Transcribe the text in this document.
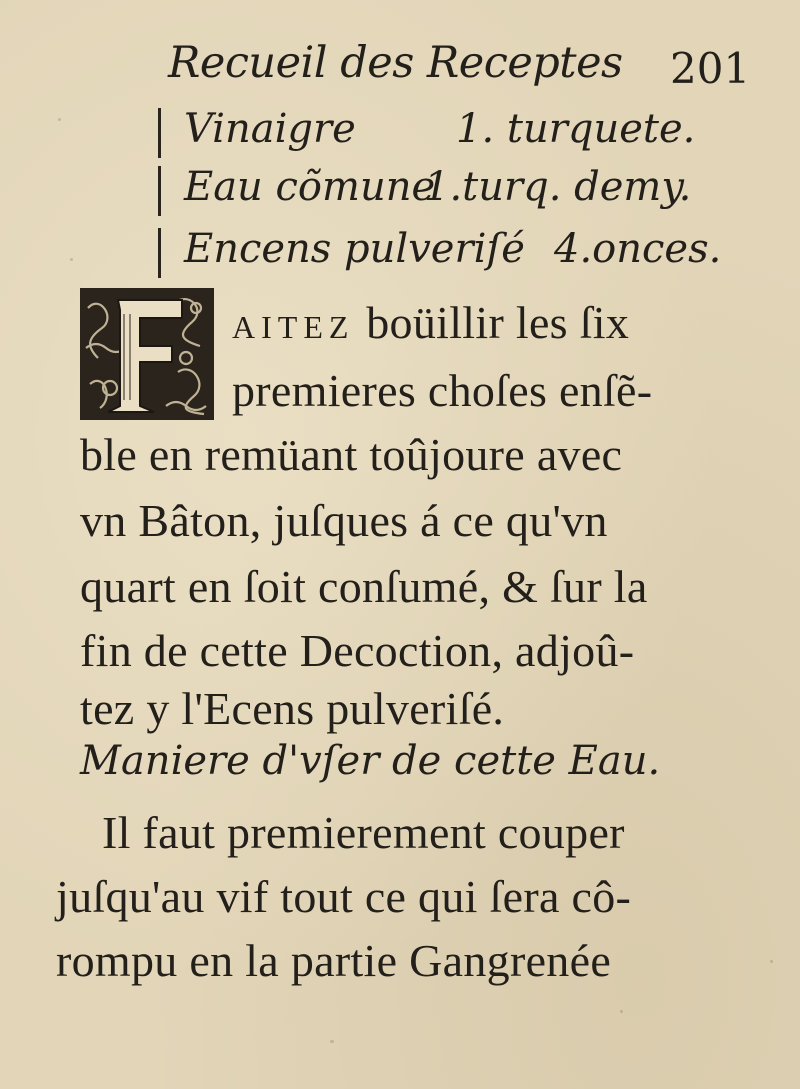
Recueil des Receptes 201
Vinaigre	1. turquete.
Eau cõmune
1.turq. demy.
Encens pulveriſé 4.onces.
AITEZ boüillir les ſix
premieres choſes enſẽ-
ble en remüant toûjoure avec
vn Bâton, juſques á ce qu'vn
quart en ſoit conſumé, & ſur la
fin de cette Decoction, adjoû-
tez y l'Ecens pulveriſé.
Maniere d'vſer de cette Eau.
Il faut premierement couper
juſqu'au vif tout ce qui ſera cô-
rompu en la partie Gangrenée
